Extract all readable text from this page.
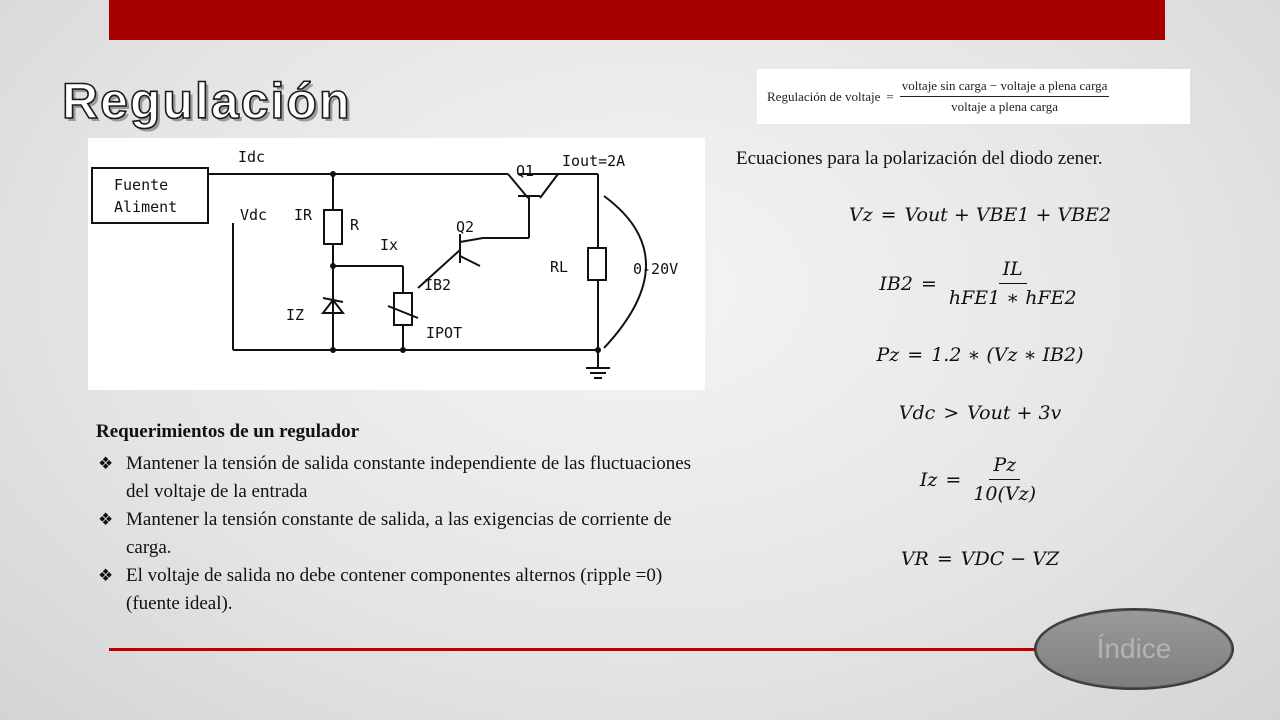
Regulación	Regulación de voltaje = $\frac{\text{voltaje sin carga − voltaje a plena carga}}{\text{voltaje a plena carga}}$
Idc
Fuente
Aliment	Vdc IR
R
Q1
Iout=2A
Q2
Ix
IB2
IZ
IPOT
RL	0-20V
Ecuaciones para la polarización del diodo zener.
Vz = Vout + VBE1 + VBE2
$IB2 = \frac{IL}{\text{hFE1 ∗ hFE2}}$
Pz = 1.2 ∗ (Vz ∗ IB2)
Vdc > Vout + 3v
$Iz = \frac{Pz}{10(Vz)}$
VR = VDC − VZ
Requerimientos de un regulador
❖ Mantener la tensión de salida constante independiente de las fluctuaciones del voltaje de la entrada
❖ Mantener la tensión constante de salida, a las exigencias de corriente de carga.
❖ El voltaje de salida no debe contener componentes alternos (ripple =0) (fuente ideal).
Índice
